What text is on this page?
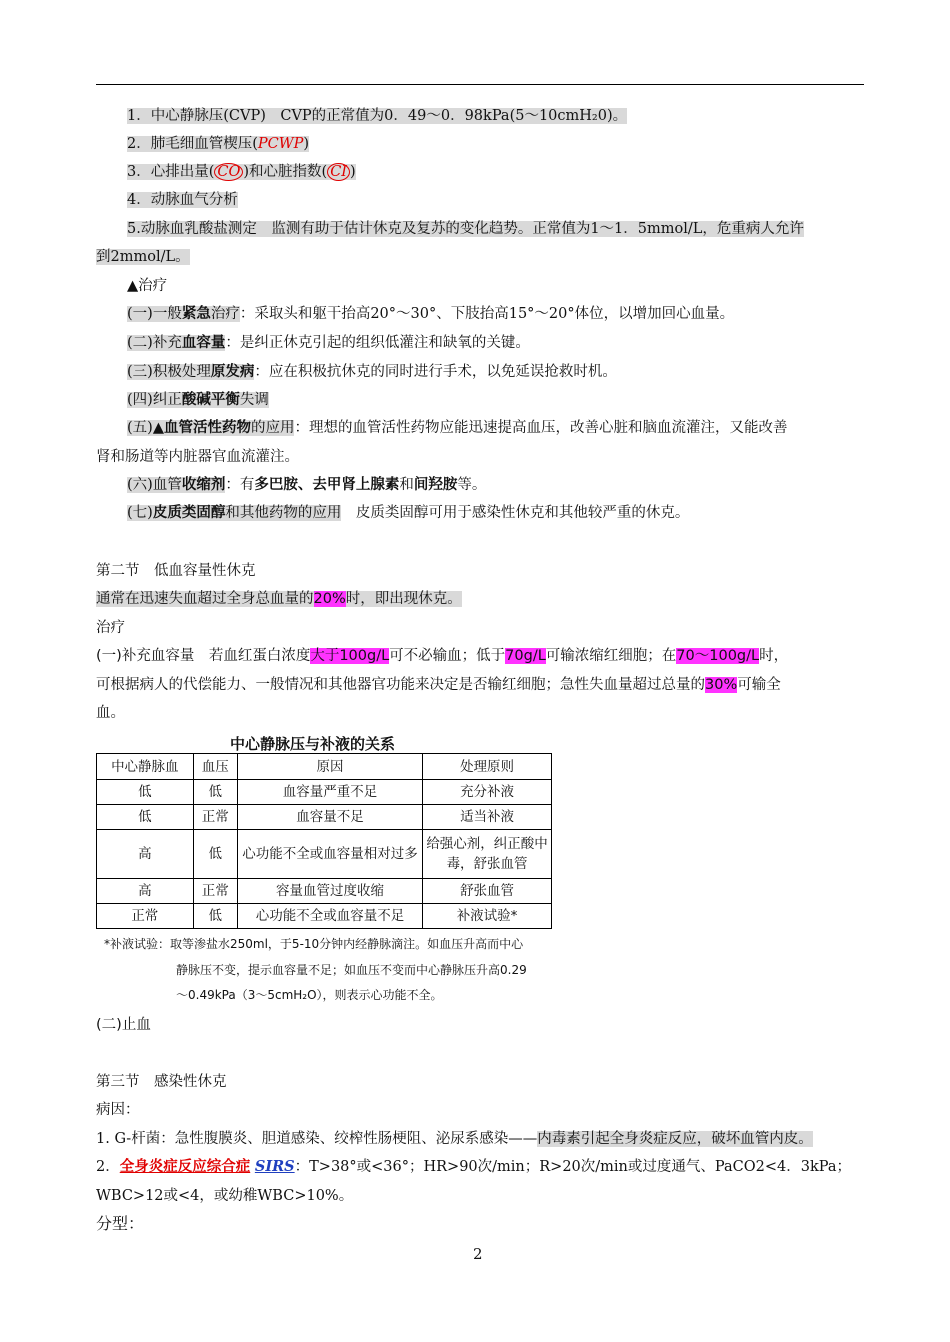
1．中心静脉压(CVP)　CVP的正常值为0．49～0．98kPa(5～10cmH₂0)。
2．肺毛细血管楔压(PCWP)
3．心排出量( CO )和心脏指数( CI )
4．动脉血气分析
5.动脉血乳酸盐测定　监测有助于估计休克及复苏的变化趋势。正常值为1～1．5mmol/L，危重病人允许
到2mmol/L。
▲治疗
(一)一般紧急治疗：采取头和躯干抬高20°～30°、下肢抬高15°～20°体位，以增加回心血量。
(二)补充血容量：是纠正休克引起的组织低灌注和缺氧的关键。
(三)积极处理原发病：应在积极抗休克的同时进行手术，以免延误抢救时机。
(四)纠正酸碱平衡失调
(五)▲血管活性药物的应用：理想的血管活性药物应能迅速提高血压，改善心脏和脑血流灌注，又能改善
肾和肠道等内脏器官血流灌注。
(六)血管收缩剂：有多巴胺、去甲肾上腺素和间羟胺等。
(七)皮质类固醇和其他药物的应用　皮质类固醇可用于感染性休克和其他较严重的休克。
第二节　低血容量性休克
通常在迅速失血超过全身总血量的20%时，即出现休克。
治疗
(一)补充血容量　若血红蛋白浓度大于100g/L可不必输血；低于70g/L可输浓缩红细胞；在70～100g/L时，
可根据病人的代偿能力、一般情况和其他器官功能来决定是否输红细胞；急性失血量超过总量的30%可输全
血。
中心静脉压与补液的关系
中心静脉血	血压	原因	处理原则
低	低	血容量严重不足	充分补液
低	正常	血容量不足	适当补液
高	低	心功能不全或血容量相对过多	给强心剂，纠正酸中毒，舒张血管
高	正常	容量血管过度收缩	舒张血管
正常	低	心功能不全或血容量不足	补液试验*
*补液试验：取等渗盐水250ml，于5-10分钟内经静脉滴注。如血压升高而中心
静脉压不变，提示血容量不足；如血压不变而中心静脉压升高0.29
～0.49kPa（3～5cmH₂O），则表示心功能不全。
(二)止血
第三节　感染性休克
病因：
1. G-杆菌：急性腹膜炎、胆道感染、绞榨性肠梗阻、泌尿系感染——内毒素引起全身炎症反应，破坏血管内皮。
2．全身炎症反应综合症 SIRS：T>38°或<36°；HR>90次/min；R>20次/min或过度通气、PaCO2<4．3kPa；
WBC>12或<4，或幼稚WBC>10%。
分型：
2
